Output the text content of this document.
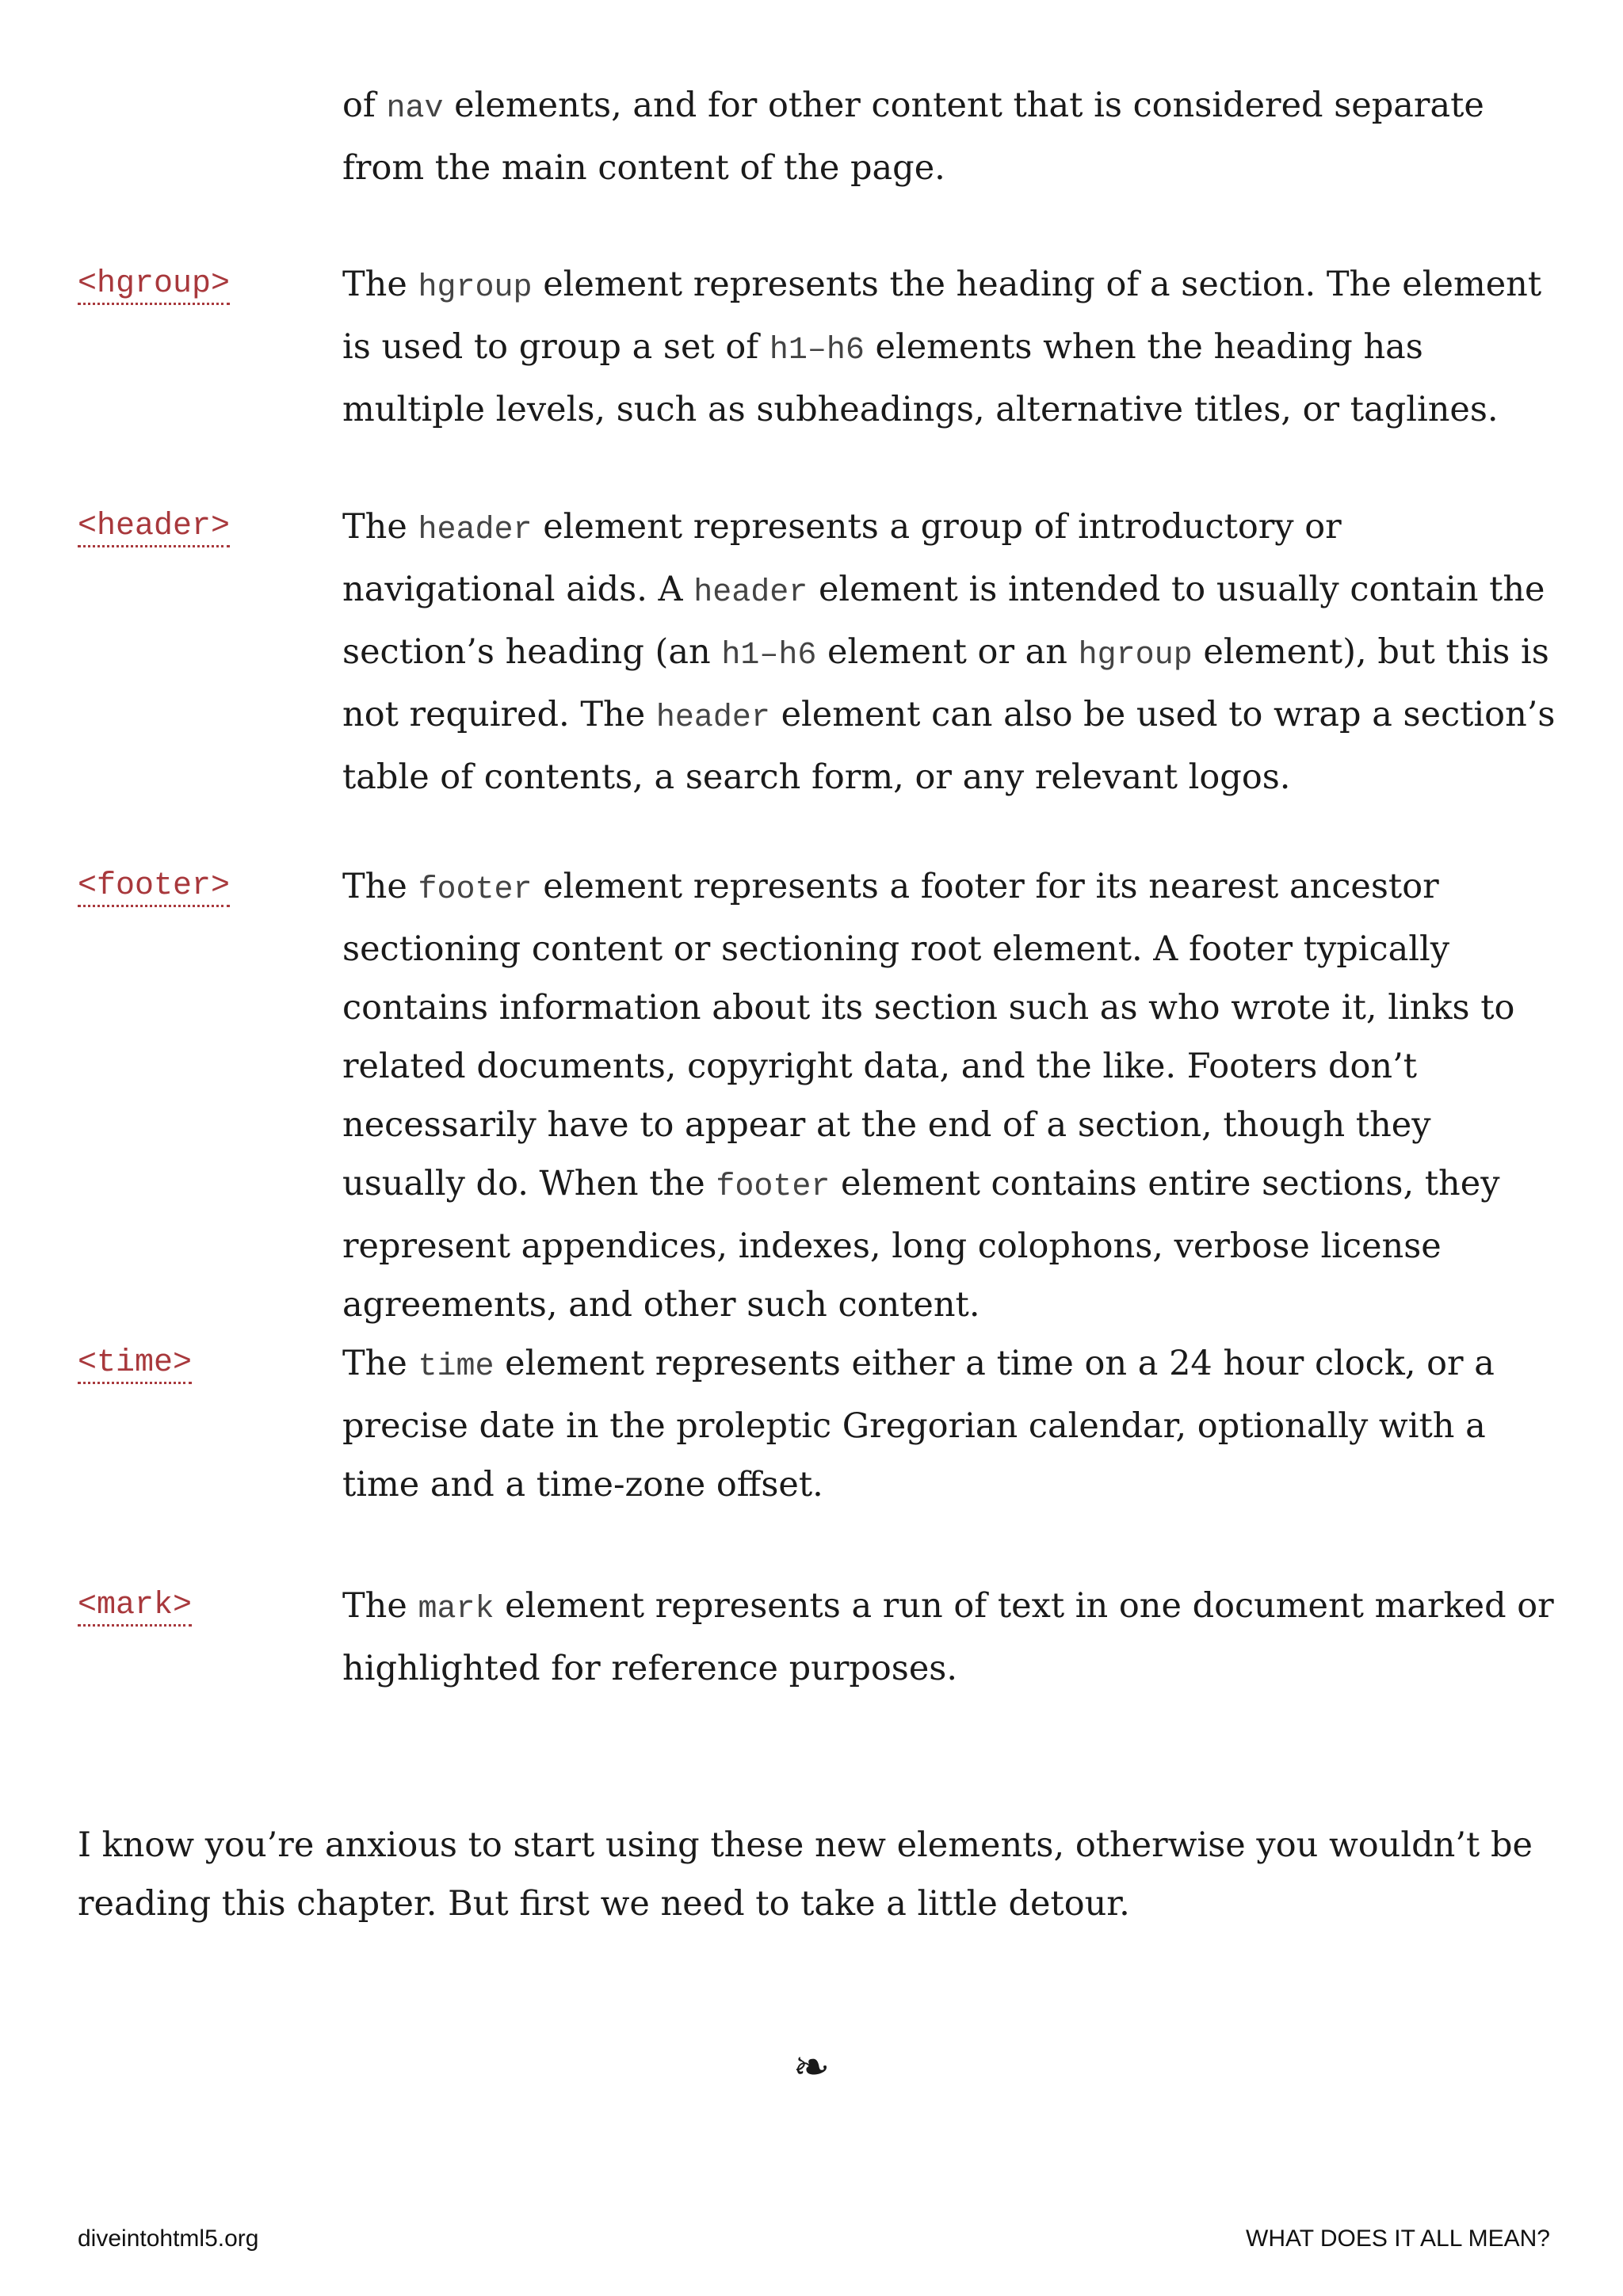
of nav elements, and for other content that is considered separate from the main content of the page.

<hgroup>	The hgroup element represents the heading of a section. The element is used to group a set of h1–h6 elements when the heading has multiple levels, such as subheadings, alternative titles, or taglines.

<header>	The header element represents a group of introductory or navigational aids. A header element is intended to usually contain the section’s heading (an h1–h6 element or an hgroup element), but this is not required. The header element can also be used to wrap a section’s table of contents, a search form, or any relevant logos.

<footer>	The footer element represents a footer for its nearest ancestor sectioning content or sectioning root element. A footer typically contains information about its section such as who wrote it, links to related documents, copyright data, and the like. Footers don’t necessarily have to appear at the end of a section, though they usually do. When the footer element contains entire sections, they represent appendices, indexes, long colophons, verbose license agreements, and other such content.

<time>	The time element represents either a time on a 24 hour clock, or a precise date in the proleptic Gregorian calendar, optionally with a time and a time-zone offset.

<mark>	The mark element represents a run of text in one document marked or highlighted for reference purposes.

I know you’re anxious to start using these new elements, otherwise you wouldn’t be reading this chapter. But first we need to take a little detour.

❧
diveintohtml5.org	WHAT DOES IT ALL MEAN?
